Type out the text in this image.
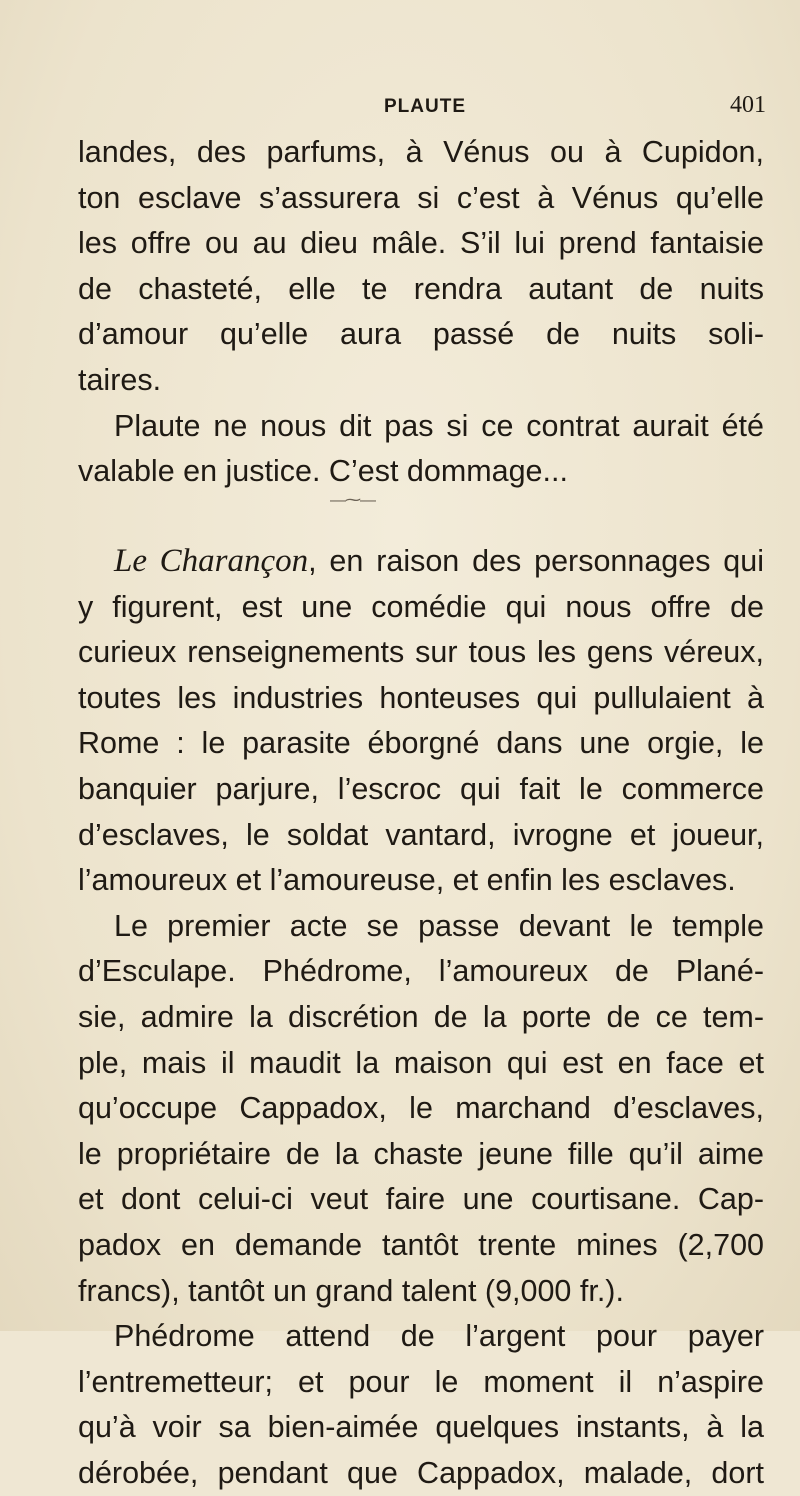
PLAUTE	401
landes, des parfums, à Vénus ou à Cupidon,
ton esclave s’assurera si c’est à Vénus qu’elle
les offre ou au dieu mâle. S’il lui prend fantaisie
de chasteté, elle te rendra autant de nuits
d’amour qu’elle aura passé de nuits soli-
taires.
Plaute ne nous dit pas si ce contrat aurait été
valable en justice. C’est dommage...
—⁓—
Le Charançon, en raison des personnages qui
y figurent, est une comédie qui nous offre de
curieux renseignements sur tous les gens véreux,
toutes les industries honteuses qui pullulaient à
Rome : le parasite éborgné dans une orgie, le
banquier parjure, l’escroc qui fait le commerce
d’esclaves, le soldat vantard, ivrogne et joueur,
l’amoureux et l’amoureuse, et enfin les esclaves.
Le premier acte se passe devant le temple
d’Esculape. Phédrome, l’amoureux de Plané-
sie, admire la discrétion de la porte de ce tem-
ple, mais il maudit la maison qui est en face et
qu’occupe Cappadox, le marchand d’esclaves,
le propriétaire de la chaste jeune fille qu’il aime
et dont celui-ci veut faire une courtisane. Cap-
padox en demande tantôt trente mines (2,700
francs), tantôt un grand talent (9,000 fr.).
Phédrome attend de l’argent pour payer
l’entremetteur; et pour le moment il n’aspire
qu’à voir sa bien-aimée quelques instants, à la
dérobée, pendant que Cappadox, malade, dort
